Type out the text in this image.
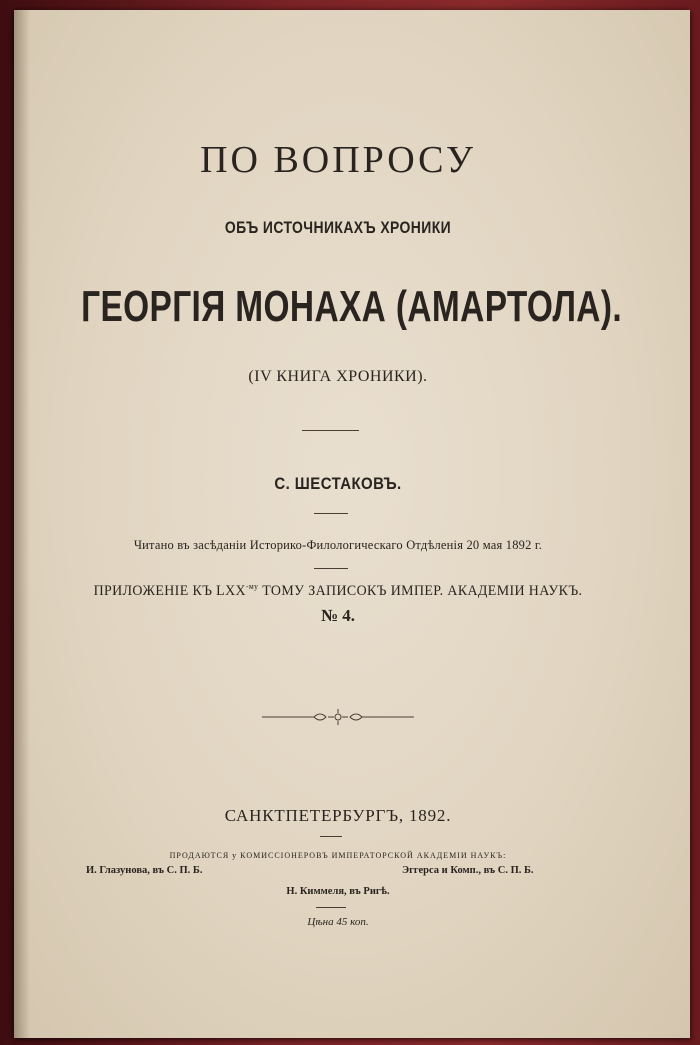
ПО ВОПРОСУ
ОБЪ ИСТОЧНИКАХЪ ХРОНИКИ
ГЕОРГІЯ МОНАХА (АМАРТОЛА).
(IV КНИГА ХРОНИКИ).
С. ШЕСТАКОВЪ.
Читано въ засѣданіи Историко-Филологическаго Отдѣленія 20 мая 1892 г.
ПРИЛОЖЕНІЕ КЪ $LXX^{-му}$ ТОМУ ЗАПИСОКЪ ИМПЕР. АКАДЕМІИ НАУКЪ.
№ 4.
САНКТПЕТЕРБУРГЪ, 1892.
ПРОДАЮТСЯ у КОМИССІОНЕРОВЪ ИМПЕРАТОРСКОЙ АКАДЕМІИ НАУКЪ:
И. Глазунова, въ С. П. Б.	Эггерса и Комп., въ С. П. Б.
Н. Киммеля, въ Ригѣ.
Цѣна 45 коп.
